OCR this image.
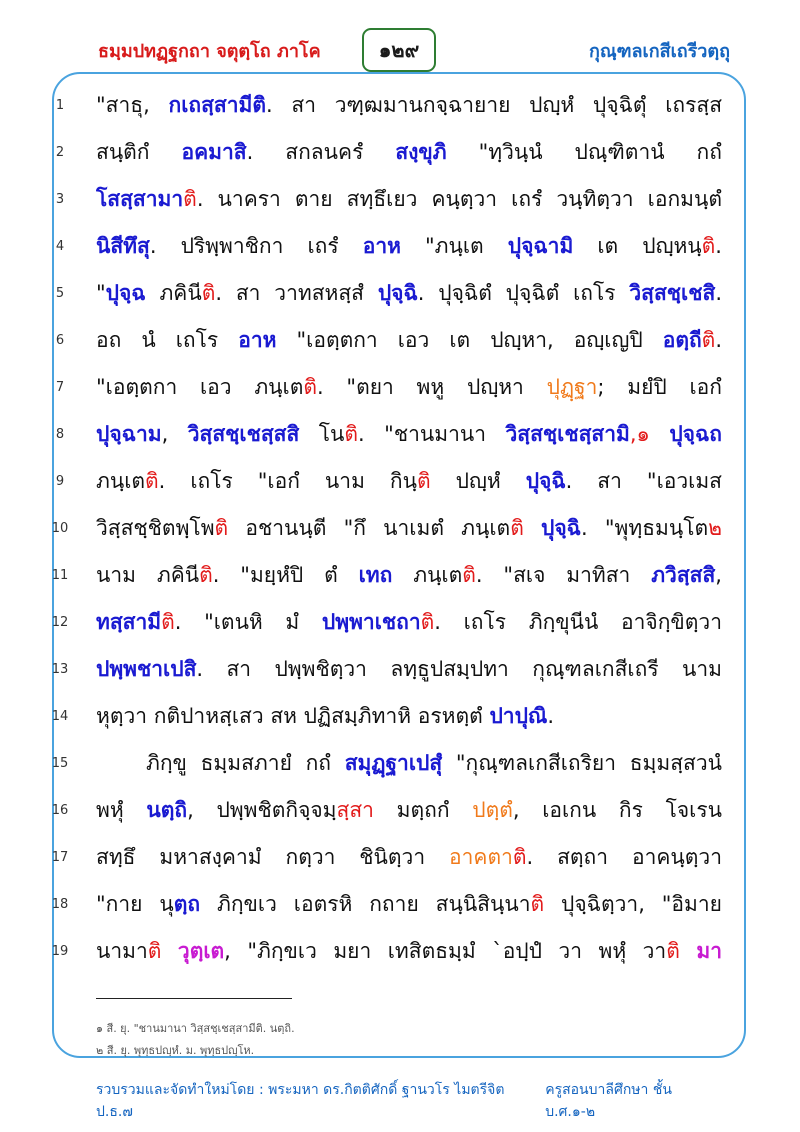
ธมฺมปทฏฺฐกถา จตุตฺโถ ภาโค	๑๒๙	กุณฺฑลเกสีเถรีวตฺถุ
1	"สาธุ, กเถสฺสามีติ. สา วฑฺฒมานกจฺฉายาย ปญฺหํ ปุจฺฉิตุํ เถรสฺส
2	สนฺติกํ อคมาสิ. สกลนครํ สงฺขุภิ "ทฺวินฺนํ ปณฺฑิตานํ กถํ
3	โสสฺสามาติ. นาครา ตาย สทฺธึเยว คนฺตฺวา เถรํ วนฺทิตฺวา เอกมนฺตํ
4	นิสีทึสุ. ปริพฺพาชิกา เถรํ อาห "ภนฺเต ปุจฺฉามิ เต ปญฺหนฺติ.
5	"ปุจฺฉ ภคินีติ. สา วาทสหสฺสํ ปุจฺฉิ. ปุจฺฉิตํ ปุจฺฉิตํ เถโร วิสฺสชฺเชสิ.
6	อถ นํ เถโร อาห "เอตฺตกา เอว เต ปญฺหา, อญฺเญปิ อตฺถีติ.
7	"เอตฺตกา เอว ภนฺเตติ. "ตยา พหู ปญฺหา ปุฏฺฐา; มยํปิ เอกํ
8	ปุจฺฉาม, วิสฺสชฺเชสฺสสิ โนติ. "ชานมานา วิสฺสชฺเชสฺสามิ,๑ ปุจฺฉถ
9	ภนฺเตติ. เถโร "เอกํ นาม กินฺติ ปญฺหํ ปุจฺฉิ. สา "เอวเมส
10	วิสฺสชฺชิตพฺโพติ อชานนฺตี "กึ นาเมตํ ภนฺเตติ ปุจฺฉิ. "พุทฺธมนฺโต๒
11	นาม ภคินีติ. "มยฺหํปิ ตํ เทถ ภนฺเตติ. "สเจ มาทิสา ภวิสฺสสิ,
12	ทสฺสามีติ. "เตนหิ มํ ปพฺพาเชถาติ. เถโร ภิกฺขุนีนํ อาจิกฺขิตฺวา
13	ปพฺพชาเปสิ. สา ปพฺพชิตฺวา ลทฺธูปสมฺปทา กุณฺฑลเกสีเถรี นาม
14	หุตฺวา กติปาหสฺเสว สห ปฏิสมฺภิทาหิ อรหตฺตํ ปาปุณิ.
15	ภิกฺขู ธมฺมสภายํ กถํ สมุฏฺฐาเปสุํ "กุณฺฑลเกสีเถริยา ธมฺมสฺสวนํ
16	พหุํ นตฺถิ, ปพฺพชิตกิจฺจมฺสฺสา มตฺถกํ ปตฺตํ, เอเกน กิร โจเรน
17	สทฺธึ มหาสงฺคามํ กตฺวา ชินิตฺวา อาคตาติ. สตฺถา อาคนฺตฺวา
18	"กาย นุตฺถ ภิกฺขเว เอตรหิ กถาย สนฺนิสินฺนาติ ปุจฺฉิตฺวา, "อิมาย
19	นามาติ วุตฺเต, "ภิกฺขเว มยา เทสิตธมฺมํ `อปฺปํ วา พหุํ วาติ มา
๑ สี. ยุ. "ชานมานา วิสฺสชฺเชสฺสามีติ. นตฺถิ.
๒ สี. ยุ. พุทฺธปญฺหํ. ม. พุทฺธปญฺโห.
รวบรวมและจัดทำใหม่โดย : พระมหา ดร.กิตติศักดิ์ ฐานวโร ไมตรีจิต ป.ธ.๗
ครูสอนบาลีศึกษา ชั้น บ.ศ.๑-๒
